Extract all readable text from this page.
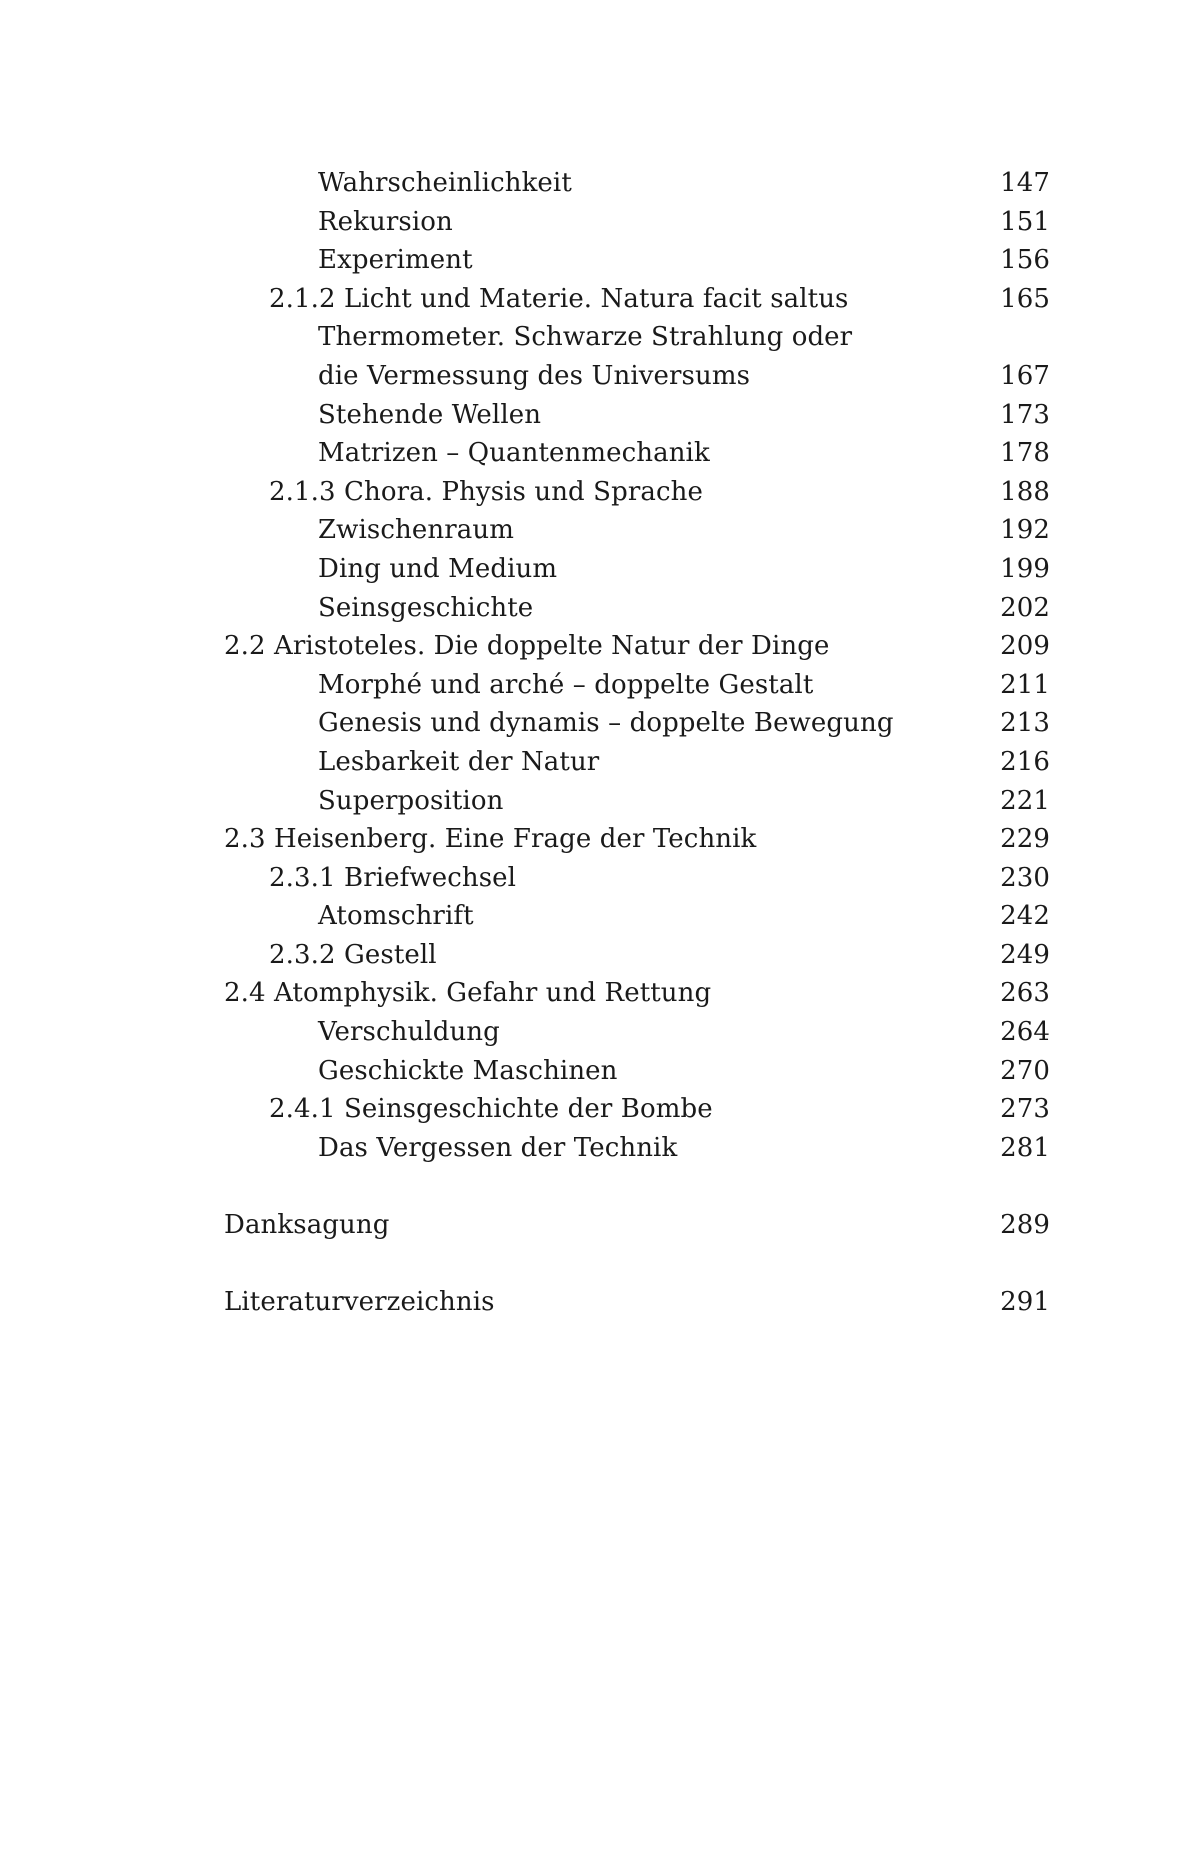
Wahrscheinlichkeit	147
Rekursion	151
Experiment	156
2.1.2 Licht und Materie. Natura facit saltus	165
Thermometer. Schwarze Strahlung oder
die Vermessung des Universums	167
Stehende Wellen	173
Matrizen – Quantenmechanik	178
2.1.3 Chora. Physis und Sprache	188
Zwischenraum	192
Ding und Medium	199
Seinsgeschichte	202
2.2 Aristoteles. Die doppelte Natur der Dinge	209
Morphé und arché – doppelte Gestalt	211
Genesis und dynamis – doppelte Bewegung	213
Lesbarkeit der Natur	216
Superposition	221
2.3 Heisenberg. Eine Frage der Technik	229
2.3.1 Briefwechsel	230
Atomschrift	242
2.3.2 Gestell	249
2.4 Atomphysik. Gefahr und Rettung	263
Verschuldung	264
Geschickte Maschinen	270
2.4.1 Seinsgeschichte der Bombe	273
Das Vergessen der Technik	281
Danksagung	289
Literaturverzeichnis	291
